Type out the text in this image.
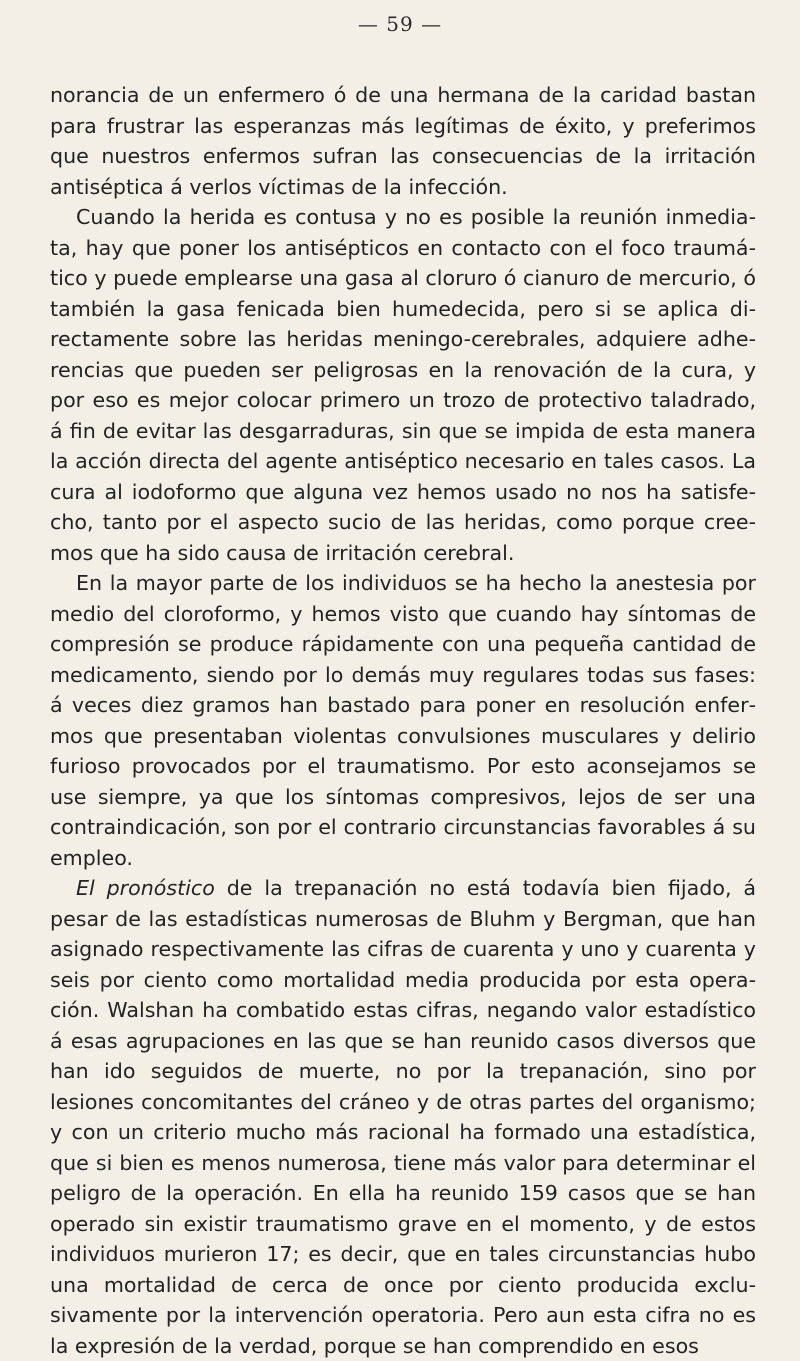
— 59 —

norancia de un enfermero ó de una hermana de la caridad bastan para frustrar las esperanzas más legítimas de éxito, y preferimos que nuestros enfermos sufran las consecuencias de la irritación antiséptica á verlos víctimas de la infección.

Cuando la herida es contusa y no es posible la reunión inmediata, hay que poner los antisépticos en contacto con el foco traumático y puede emplearse una gasa al cloruro ó cianuro de mercurio, ó también la gasa fenicada bien humedecida, pero si se aplica directamente sobre las heridas meningo-cerebrales, adquiere adherencias que pueden ser peligrosas en la renovación de la cura, y por eso es mejor colocar primero un trozo de protectivo taladrado, á fin de evitar las desgarraduras, sin que se impida de esta manera la acción directa del agente antiséptico necesario en tales casos. La cura al iodoformo que alguna vez hemos usado no nos ha satisfecho, tanto por el aspecto sucio de las heridas, como porque creemos que ha sido causa de irritación cerebral.

En la mayor parte de los individuos se ha hecho la anestesia por medio del cloroformo, y hemos visto que cuando hay síntomas de compresión se produce rápidamente con una pequeña cantidad de medicamento, siendo por lo demás muy regulares todas sus fases: á veces diez gramos han bastado para poner en resolución enfermos que presentaban violentas convulsiones musculares y delirio furioso provocados por el traumatismo. Por esto aconsejamos se use siempre, ya que los síntomas compresivos, lejos de ser una contraindicación, son por el contrario circunstancias favorables á su empleo.

El pronóstico de la trepanación no está todavía bien fijado, á pesar de las estadísticas numerosas de Bluhm y Bergman, que han asignado respectivamente las cifras de cuarenta y uno y cuarenta y seis por ciento como mortalidad media producida por esta operación. Walshan ha combatido estas cifras, negando valor estadístico á esas agrupaciones en las que se han reunido casos diversos que han ido seguidos de muerte, no por la trepanación, sino por lesiones concomitantes del cráneo y de otras partes del organismo; y con un criterio mucho más racional ha formado una estadística, que si bien es menos numerosa, tiene más valor para determinar el peligro de la operación. En ella ha reunido 159 casos que se han operado sin existir traumatismo grave en el momento, y de estos individuos murieron 17; es decir, que en tales circunstancias hubo una mortalidad de cerca de once por ciento producida exclusivamente por la intervención operatoria. Pero aun esta cifra no es la expresión de la verdad, porque se han comprendido en esos
